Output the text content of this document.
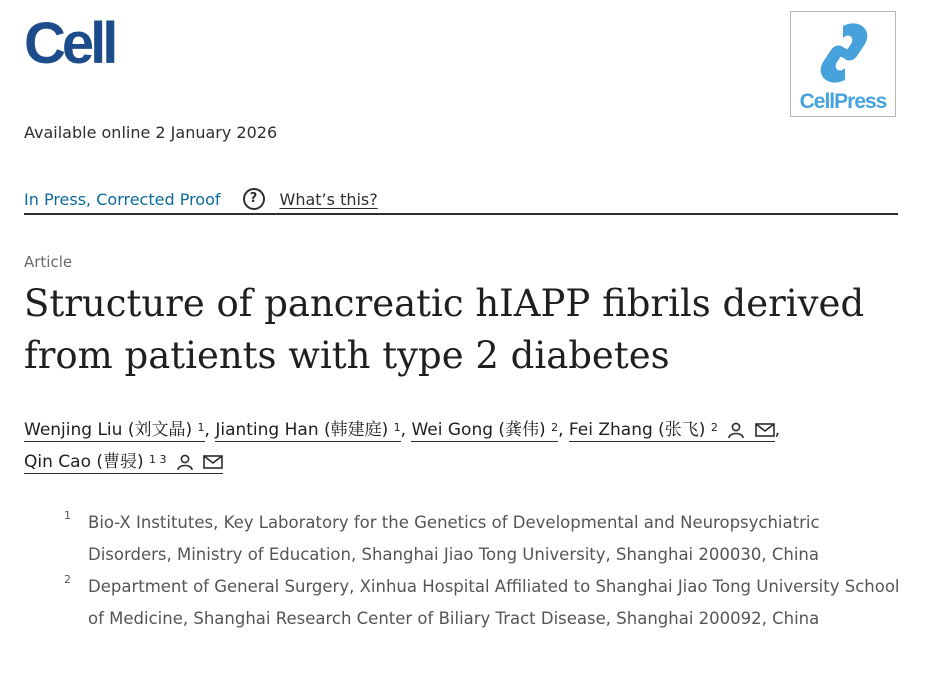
Cell
CellPress
Available online 2 January 2026
In Press, Corrected Proof	?	What’s this?
Article
Structure of pancreatic hIAPP fibrils derived from patients with type 2 diabetes
Wenjing Liu (刘文晶) $^1$, Jianting Han (韩建庭) $^1$, Wei Gong (龚伟) $^2$, Fei Zhang (张飞) $^2$	,
Qin Cao (曹骎) $^{1 3}$
1	Bio-X Institutes, Key Laboratory for the Genetics of Developmental and Neuropsychiatric Disorders, Ministry of Education, Shanghai Jiao Tong University, Shanghai 200030, China
2	Department of General Surgery, Xinhua Hospital Affiliated to Shanghai Jiao Tong University School of Medicine, Shanghai Research Center of Biliary Tract Disease, Shanghai 200092, China
